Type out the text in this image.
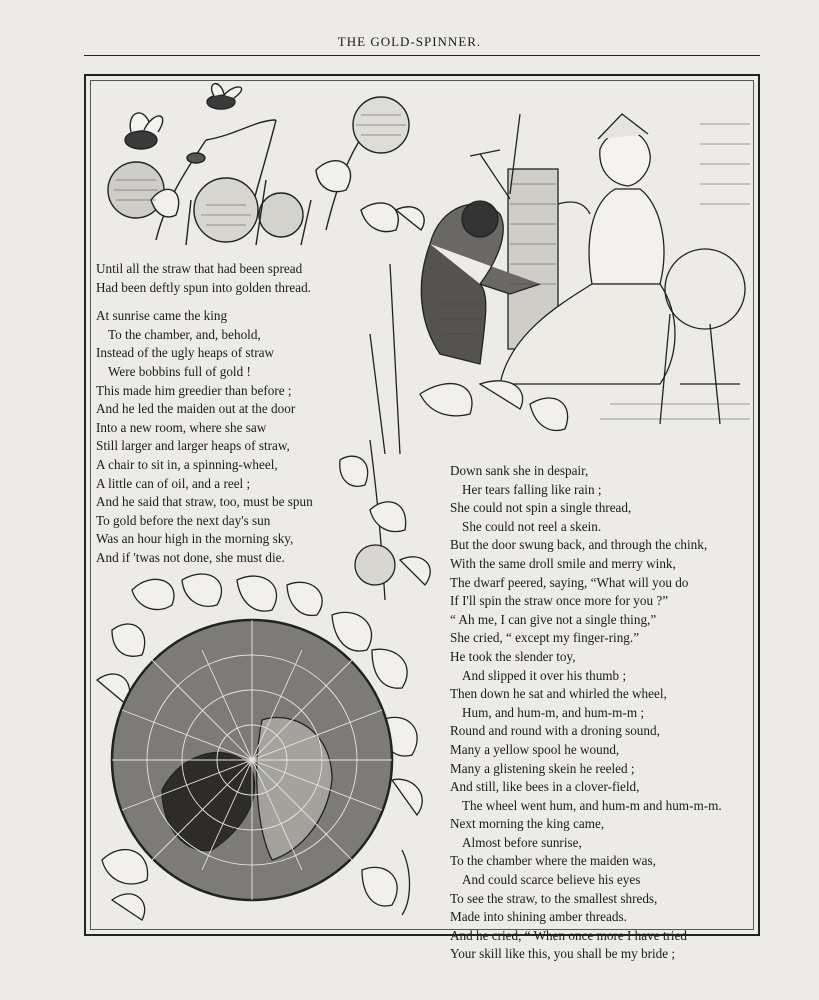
THE GOLD-SPINNER.
Until all the straw that had been spread
Had been deftly spun into golden thread.
At sunrise came the king
To the chamber, and, behold,
Instead of the ugly heaps of straw
Were bobbins full of gold !
This made him greedier than before ;
And he led the maiden out at the door
Into a new room, where she saw
Still larger and larger heaps of straw,
A chair to sit in, a spinning-wheel,
A little can of oil, and a reel ;
And he said that straw, too, must be spun
To gold before the next day's sun
Was an hour high in the morning sky,
And if 'twas not done, she must die.
Down sank she in despair,
Her tears falling like rain ;
She could not spin a single thread,
She could not reel a skein.
But the door swung back, and through the chink,
With the same droll smile and merry wink,
The dwarf peered, saying, “What will you do
If I'll spin the straw once more for you ?”
“ Ah me, I can give not a single thing,”
She cried, “ except my finger-ring.”
He took the slender toy,
And slipped it over his thumb ;
Then down he sat and whirled the wheel,
Hum, and hum-m, and hum-m-m ;
Round and round with a droning sound,
Many a yellow spool he wound,
Many a glistening skein he reeled ;
And still, like bees in a clover-field,
The wheel went hum, and hum-m and hum-m-m.
Next morning the king came,
Almost before sunrise,
To the chamber where the maiden was,
And could scarce believe his eyes
To see the straw, to the smallest shreds,
Made into shining amber threads.
And he cried, “ When once more I have tried
Your skill like this, you shall be my bride ;
